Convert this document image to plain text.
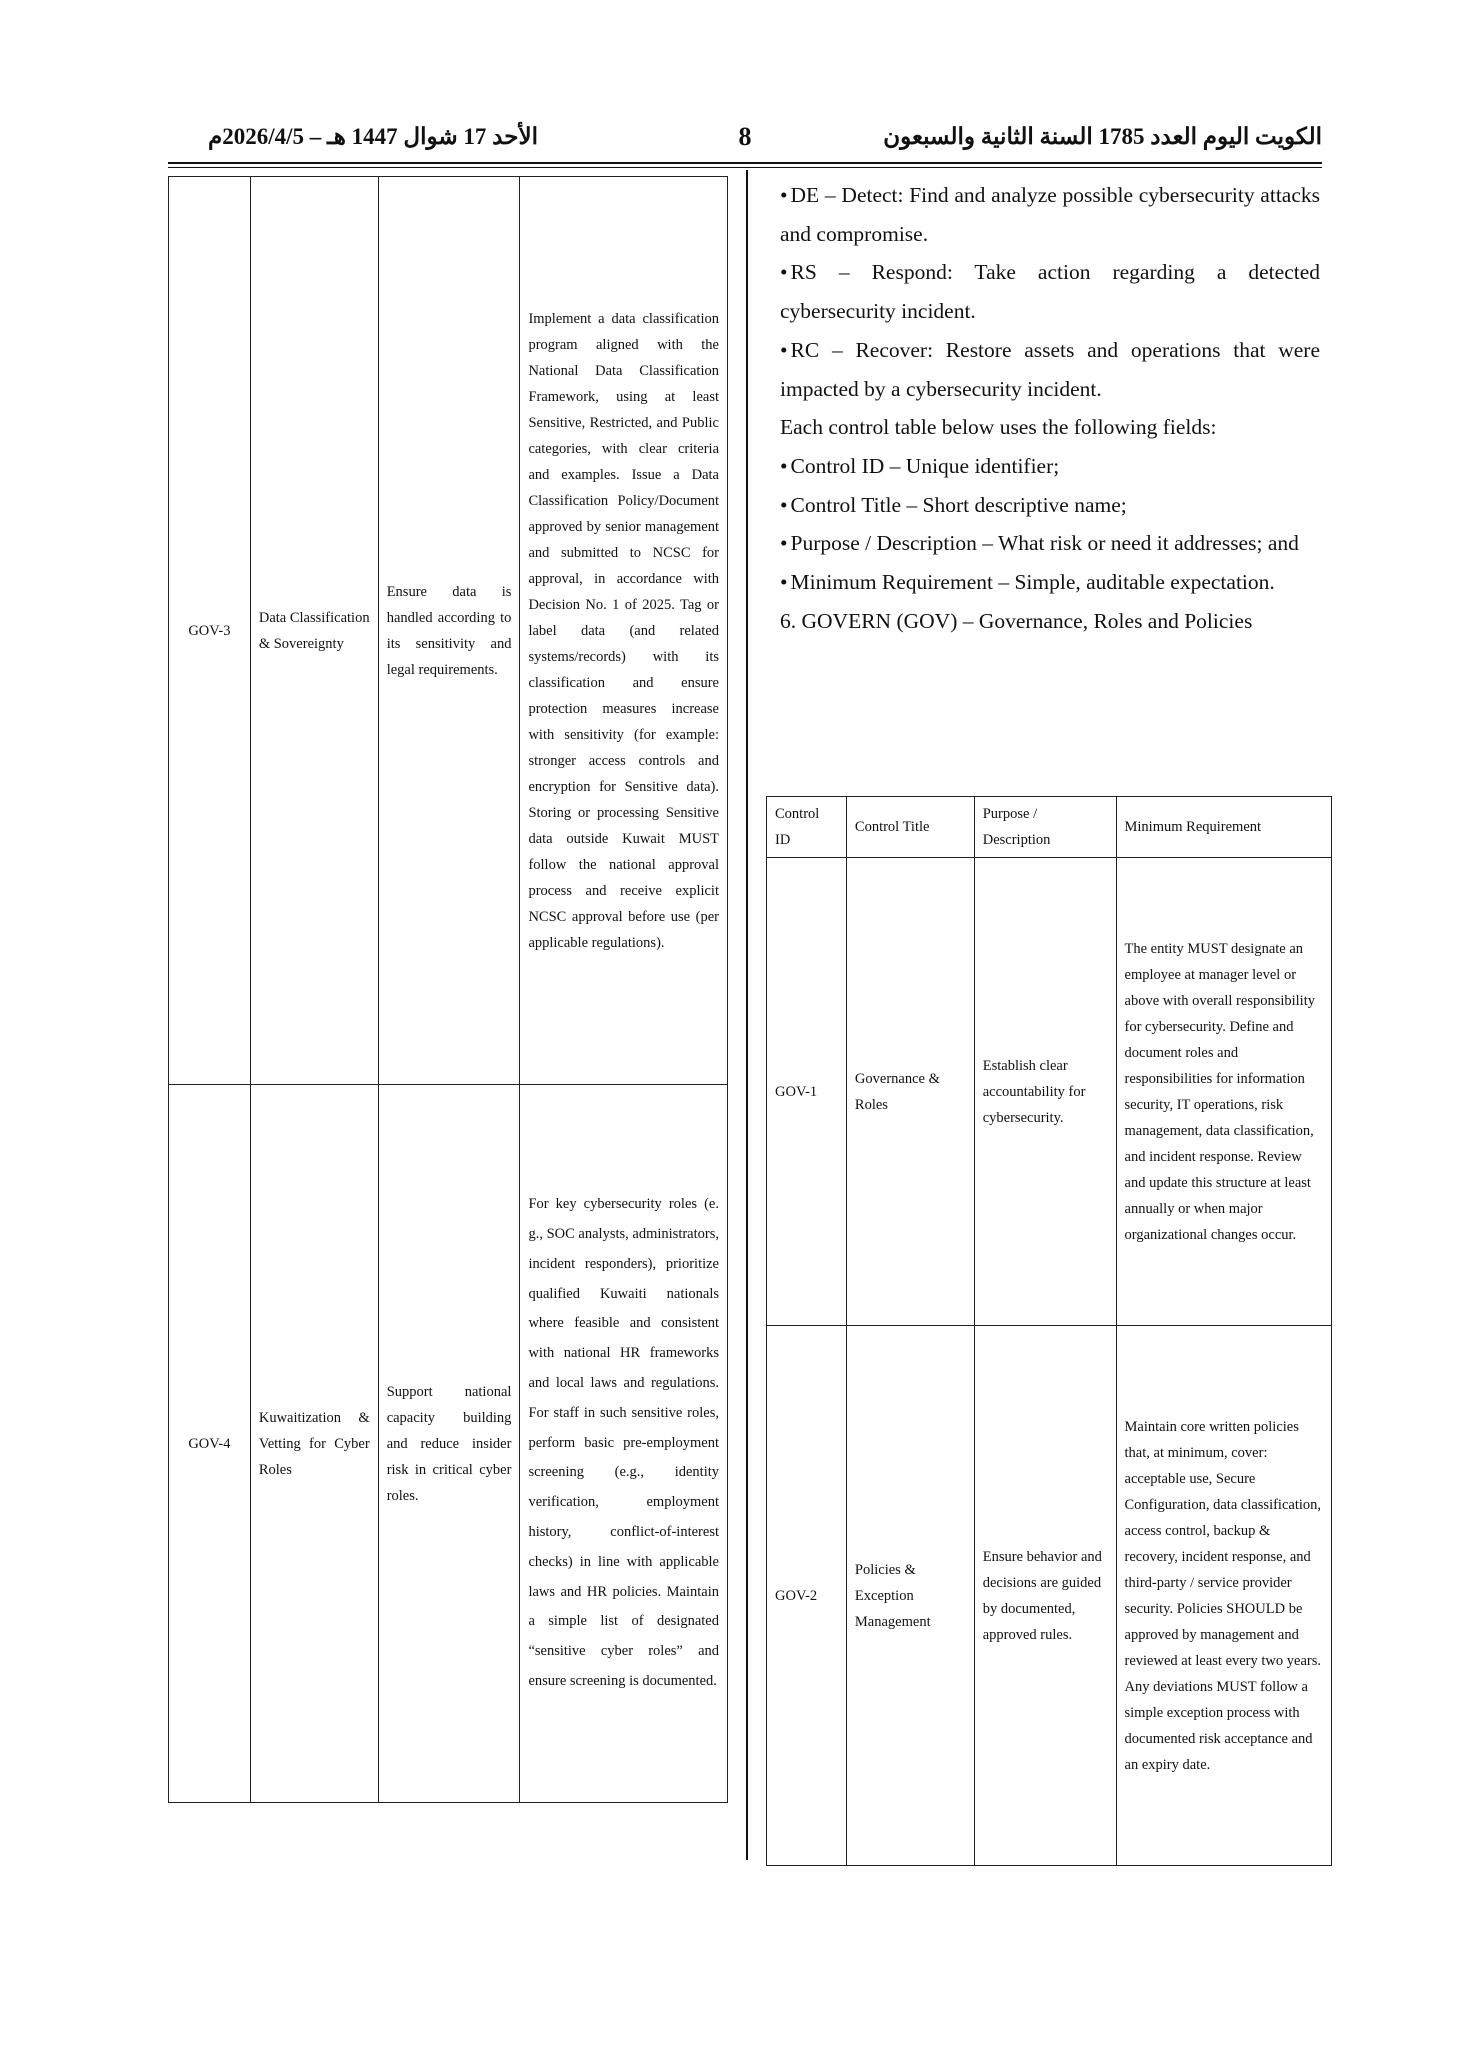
الأحد 17 شوال 1447 هـ – 2026/4/5م	8	الكويت اليوم العدد 1785 السنة الثانية والسبعون
GOV-3	Data Classification & Sovereignty	Ensure data is handled according to its sensitivity and legal requirements.	Implement a data classification program aligned with the National Data Classification Framework, using at least Sensitive, Restricted, and Public categories, with clear criteria and examples. Issue a Data Classification Policy/Document approved by senior management and submitted to NCSC for approval, in accordance with Decision No. 1 of 2025. Tag or label data (and related systems/records) with its classification and ensure protection measures increase with sensitivity (for example: stronger access controls and encryption for Sensitive data). Storing or processing Sensitive data outside Kuwait MUST follow the national approval process and receive explicit NCSC approval before use (per applicable regulations).
GOV-4	Kuwaitization & Vetting for Cyber Roles	Support national capacity building and reduce insider risk in critical cyber roles.	For key cybersecurity roles (e. g., SOC analysts, administrators, incident responders), prioritize qualified Kuwaiti nationals where feasible and consistent with national HR frameworks and local laws and regulations. For staff in such sensitive roles, perform basic pre-employment screening (e.g., identity verification, employment history, conflict-of-interest checks) in line with applicable laws and HR policies. Maintain a simple list of designated “sensitive cyber roles” and ensure screening is documented.

• DE – Detect: Find and analyze possible cybersecurity attacks and compromise.

• RS – Respond: Take action regarding a detected cybersecurity incident.

• RC – Recover: Restore assets and operations that were impacted by a cybersecurity incident.

Each control table below uses the following fields:

• Control ID – Unique identifier;

• Control Title – Short descriptive name;

• Purpose / Description – What risk or need it addresses; and

• Minimum Requirement – Simple, auditable expectation.

6. GOVERN (GOV) – Governance, Roles and Policies

Control ID	Control Title	Purpose / Description	Minimum Requirement
GOV-1	Governance & Roles	Establish clear accountability for cybersecurity.	The entity MUST designate an employee at manager level or above with overall responsibility for cybersecurity. Define and document roles and responsibilities for information security, IT operations, risk management, data classification, and incident response. Review and update this structure at least annually or when major organizational changes occur.
GOV-2	Policies & Exception Management	Ensure behavior and decisions are guided by documented, approved rules.	Maintain core written policies that, at minimum, cover: acceptable use, Secure Configuration, data classification, access control, backup & recovery, incident response, and third-party / service provider security. Policies SHOULD be approved by management and reviewed at least every two years. Any deviations MUST follow a simple exception process with documented risk acceptance and an expiry date.
